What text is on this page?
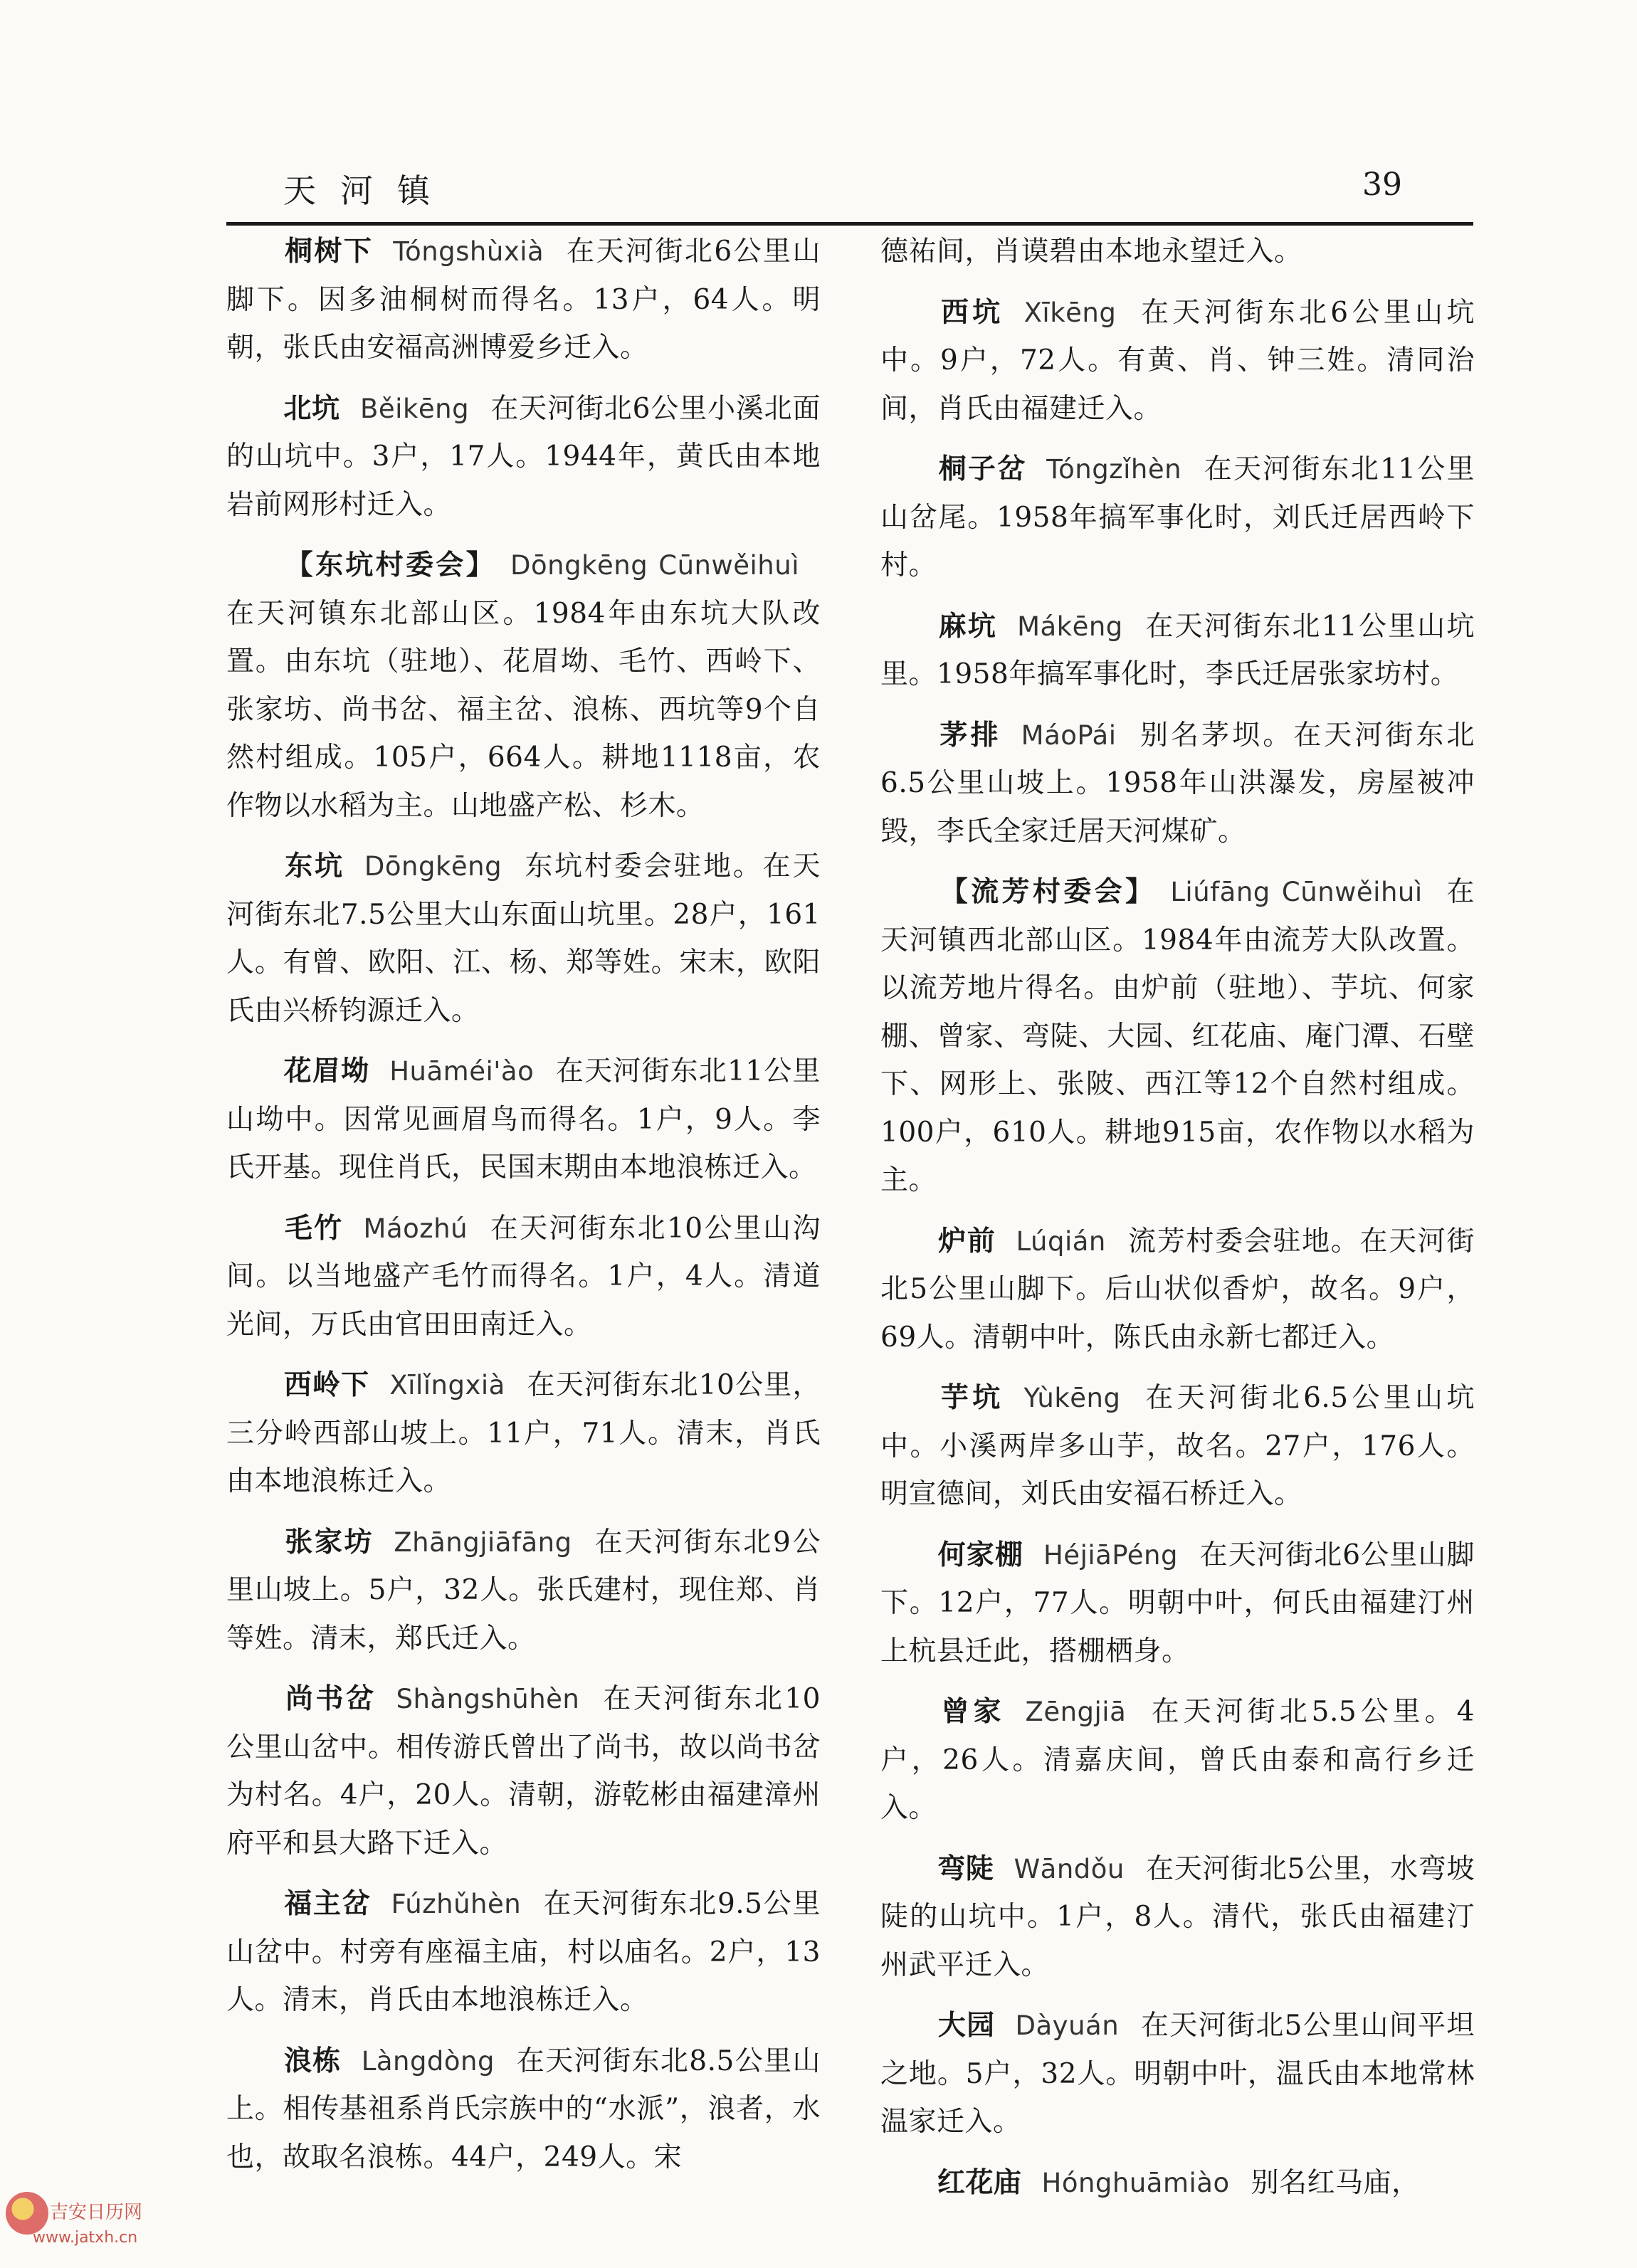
天河镇	39

桐树下 Tóngshùxià 在天河街北6公里山脚下。因多油桐树而得名。13户，64人。明朝，张氏由安福高洲博爱乡迁入。

北坑 Běikēng 在天河街北6公里小溪北面的山坑中。3户，17人。1944年，黄氏由本地岩前网形村迁入。

【东坑村委会】 Dōngkēng Cūnwěihuì在天河镇东北部山区。1984年由东坑大队改置。由东坑（驻地）、花眉坳、毛竹、西岭下、张家坊、尚书岔、福主岔、浪栋、西坑等9个自然村组成。105户，664人。耕地1118亩，农作物以水稻为主。山地盛产松、杉木。

东坑 Dōngkēng 东坑村委会驻地。在天河街东北7.5公里大山东面山坑里。28户，161人。有曾、欧阳、江、杨、郑等姓。宋末，欧阳氏由兴桥钧源迁入。

花眉坳 Huāméi'ào 在天河街东北11公里山坳中。因常见画眉鸟而得名。1户，9人。李氏开基。现住肖氏，民国末期由本地浪栋迁入。

毛竹 Máozhú 在天河街东北10公里山沟间。以当地盛产毛竹而得名。1户，4人。清道光间，万氏由官田田南迁入。

西岭下 Xīlǐngxià 在天河街东北10公里，三分岭西部山坡上。11户，71人。清末，肖氏由本地浪栋迁入。

张家坊 Zhāngjiāfāng 在天河街东北9公里山坡上。5户，32人。张氏建村，现住郑、肖等姓。清末，郑氏迁入。

尚书岔 Shàngshūhèn 在天河街东北10公里山岔中。相传游氏曾出了尚书，故以尚书岔为村名。4户，20人。清朝，游乾彬由福建漳州府平和县大路下迁入。

福主岔 Fúzhǔhèn 在天河街东北9.5公里山岔中。村旁有座福主庙，村以庙名。2户，13人。清末，肖氏由本地浪栋迁入。

浪栋 Làngdòng 在天河街东北8.5公里山上。相传基祖系肖氏宗族中的“水派”，浪者，水也，故取名浪栋。44户，249人。宋

德祐间，肖谟碧由本地永望迁入。

西坑 Xīkēng 在天河街东北6公里山坑中。9户，72人。有黄、肖、钟三姓。清同治间，肖氏由福建迁入。

桐子岔 Tóngzǐhèn 在天河街东北11公里山岔尾。1958年搞军事化时，刘氏迁居西岭下村。

麻坑 Mákēng 在天河街东北11公里山坑里。1958年搞军事化时，李氏迁居张家坊村。

茅排 MáoPái 别名茅坝。在天河街东北6.5公里山坡上。1958年山洪瀑发，房屋被冲毁，李氏全家迁居天河煤矿。

【流芳村委会】 Liúfāng Cūnwěihuì 在天河镇西北部山区。1984年由流芳大队改置。以流芳地片得名。由炉前（驻地）、芋坑、何家棚、曾家、弯陡、大园、红花庙、庵门潭、石壁下、网形上、张陂、西江等12个自然村组成。100户，610人。耕地915亩，农作物以水稻为主。

炉前 Lúqián 流芳村委会驻地。在天河街北5公里山脚下。后山状似香炉，故名。9户，69人。清朝中叶，陈氏由永新七都迁入。

芋坑 Yùkēng 在天河街北6.5公里山坑中。小溪两岸多山芋，故名。27户，176人。明宣德间，刘氏由安福石桥迁入。

何家棚 HéjiāPéng 在天河街北6公里山脚下。12户，77人。明朝中叶，何氏由福建汀州上杭县迁此，搭棚栖身。

曾家 Zēngjiā 在天河街北5.5公里。4户，26人。清嘉庆间，曾氏由泰和高行乡迁入。

弯陡 Wāndǒu 在天河街北5公里，水弯坡陡的山坑中。1户，8人。清代，张氏由福建汀州武平迁入。

大园 Dàyuán 在天河街北5公里山间平坦之地。5户，32人。明朝中叶，温氏由本地常林温家迁入。

红花庙 Hónghuāmiào 别名红马庙，

吉安日历网
www.jatxh.cn
